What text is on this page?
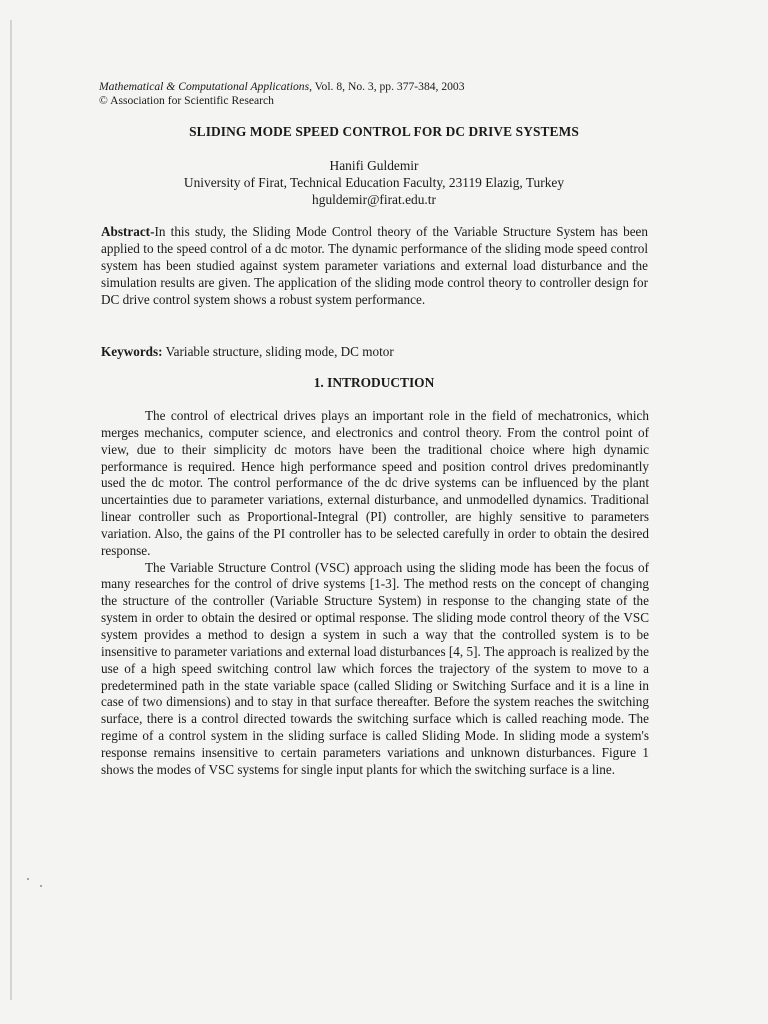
Mathematical & Computational Applications, Vol. 8, No. 3, pp. 377-384, 2003
© Association for Scientific Research
SLIDING MODE SPEED CONTROL FOR DC DRIVE SYSTEMS
Hanifi Guldemir
University of Firat, Technical Education Faculty, 23119 Elazig, Turkey
hguldemir@firat.edu.tr
Abstract-In this study, the Sliding Mode Control theory of the Variable Structure System has been applied to the speed control of a dc motor. The dynamic performance of the sliding mode speed control system has been studied against system parameter variations and external load disturbance and the simulation results are given. The application of the sliding mode control theory to controller design for DC drive control system shows a robust system performance.
Keywords: Variable structure, sliding mode, DC motor
1. INTRODUCTION

The control of electrical drives plays an important role in the field of mechatronics, which merges mechanics, computer science, and electronics and control theory. From the control point of view, due to their simplicity dc motors have been the traditional choice where high dynamic performance is required. Hence high performance speed and position control drives predominantly used the dc motor. The control performance of the dc drive systems can be influenced by the plant uncertainties due to parameter variations, external disturbance, and unmodelled dynamics. Traditional linear controller such as Proportional-Integral (PI) controller, are highly sensitive to parameters variation. Also, the gains of the PI controller has to be selected carefully in order to obtain the desired response.

The Variable Structure Control (VSC) approach using the sliding mode has been the focus of many researches for the control of drive systems [1-3]. The method rests on the concept of changing the structure of the controller (Variable Structure System) in response to the changing state of the system in order to obtain the desired or optimal response. The sliding mode control theory of the VSC system provides a method to design a system in such a way that the controlled system is to be insensitive to parameter variations and external load disturbances [4, 5]. The approach is realized by the use of a high speed switching control law which forces the trajectory of the system to move to a predetermined path in the state variable space (called Sliding or Switching Surface and it is a line in case of two dimensions) and to stay in that surface thereafter. Before the system reaches the switching surface, there is a control directed towards the switching surface which is called reaching mode. The regime of a control system in the sliding surface is called Sliding Mode. In sliding mode a system's response remains insensitive to certain parameters variations and unknown disturbances. Figure 1 shows the modes of VSC systems for single input plants for which the switching surface is a line.
